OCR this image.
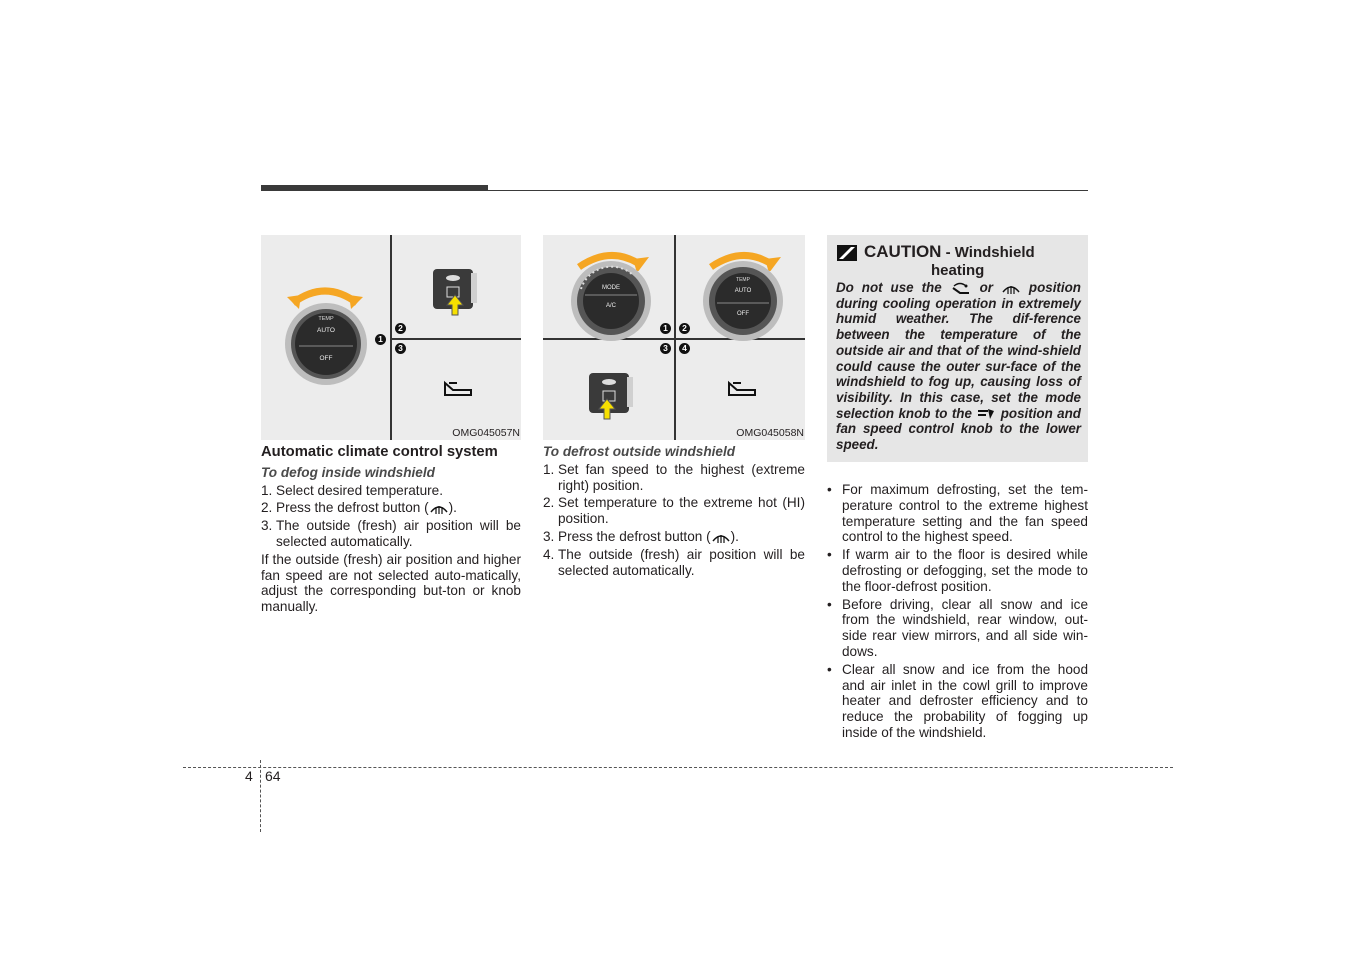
TEMP
AUTO
OFF
1
2
3
OMG045057N
MODE
A/C
TEMP
AUTO
OFF
1	2
3	4
OMG045058N
Automatic climate control system
To defog inside windshield
1. Select desired temperature.
2. Press the defrost button ( ).
3. The outside (fresh) air position will be selected automatically.
If the outside (fresh) air position and higher fan speed are not selected auto-matically, adjust the corresponding but-ton or knob manually.
To defrost outside windshield
1. Set fan speed to the highest (extreme right) position.
2. Set temperature to the extreme hot (HI) position.
3. Press the defrost button ( ).
4. The outside (fresh) air position will be selected automatically.
CAUTION - Windshield
heating
Do not use the	or	position during cooling operation in extremely humid weather. The dif-ference between the temperature of the outside air and that of the wind-shield could cause the outer sur-face of the windshield to fog up, causing loss of visibility. In this case, set the mode selection knob to the position and fan speed control knob to the lower speed.
• For maximum defrosting, set the tem-perature control to the extreme highest temperature setting and the fan speed control to the highest speed.
• If warm air to the floor is desired while defrosting or defogging, set the mode to the floor-defrost position.
• Before driving, clear all snow and ice from the windshield, rear window, out-side rear view mirrors, and all side win-dows.
• Clear all snow and ice from the hood and air inlet in the cowl grill to improve heater and defroster efficiency and to reduce the probability of fogging up inside of the windshield.
4 64
